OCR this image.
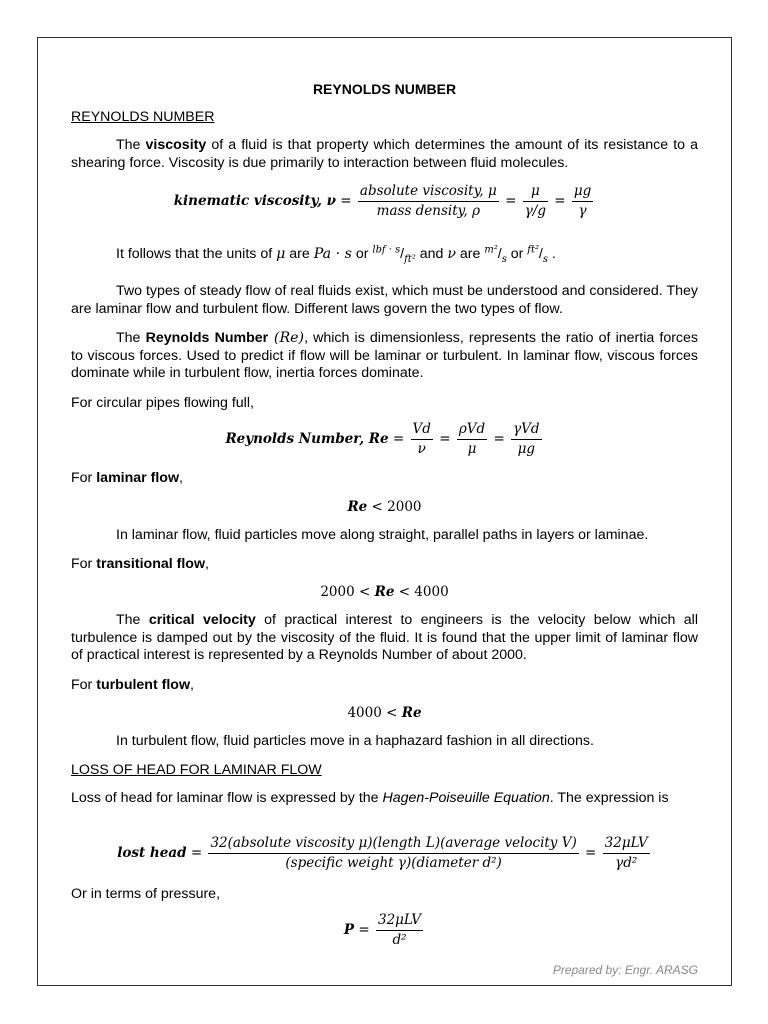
REYNOLDS NUMBER
REYNOLDS NUMBER
The viscosity of a fluid is that property which determines the amount of its resistance to a shearing force. Viscosity is due primarily to interaction between fluid molecules.
kinematic viscosity, $\nu = \frac{\text{absolute viscosity, μ}}{\text{mass density, ρ}} = \frac{\mu}{\gamma/g} = \frac{\mu g}{\gamma}$
It follows that the units of μ are Pa · s or $^{lbf \cdot s}/_{ft^2}$ and ν are $^{m^2}/_s$ or $^{ft^2}/_s$ .
Two types of steady flow of real fluids exist, which must be understood and considered. They are laminar flow and turbulent flow. Different laws govern the two types of flow.
The Reynolds Number (Re), which is dimensionless, represents the ratio of inertia forces to viscous forces. Used to predict if flow will be laminar or turbulent. In laminar flow, viscous forces dominate while in turbulent flow, inertia forces dominate.
For circular pipes flowing full,
Reynolds Number, $Re = \frac{Vd}{\nu} = \frac{\text{ρVd}}{\mu} = \frac{\text{γVd}}{\mu g}$
For laminar flow,
Re < 2000
In laminar flow, fluid particles move along straight, parallel paths in layers or laminae.
For transitional flow,
2000 < Re < 4000
The critical velocity of practical interest to engineers is the velocity below which all turbulence is damped out by the viscosity of the fluid. It is found that the upper limit of laminar flow of practical interest is represented by a Reynolds Number of about 2000.
For turbulent flow,
4000 < Re
In turbulent flow, fluid particles move in a haphazard fashion in all directions.
LOSS OF HEAD FOR LAMINAR FLOW
Loss of head for laminar flow is expressed by the Hagen-Poiseuille Equation. The expression is
lost head = $\frac{\text{32(absolute viscosity μ)(length L)(average velocity V)}}{\text{(specific weight γ)(diameter d²)}} = \frac{\text{32μLV}}{\text{γd²}}$
Or in terms of pressure,
$P = \frac{\text{32μLV}}{\text{d²}}$
Prepared by: Engr. ARASG
